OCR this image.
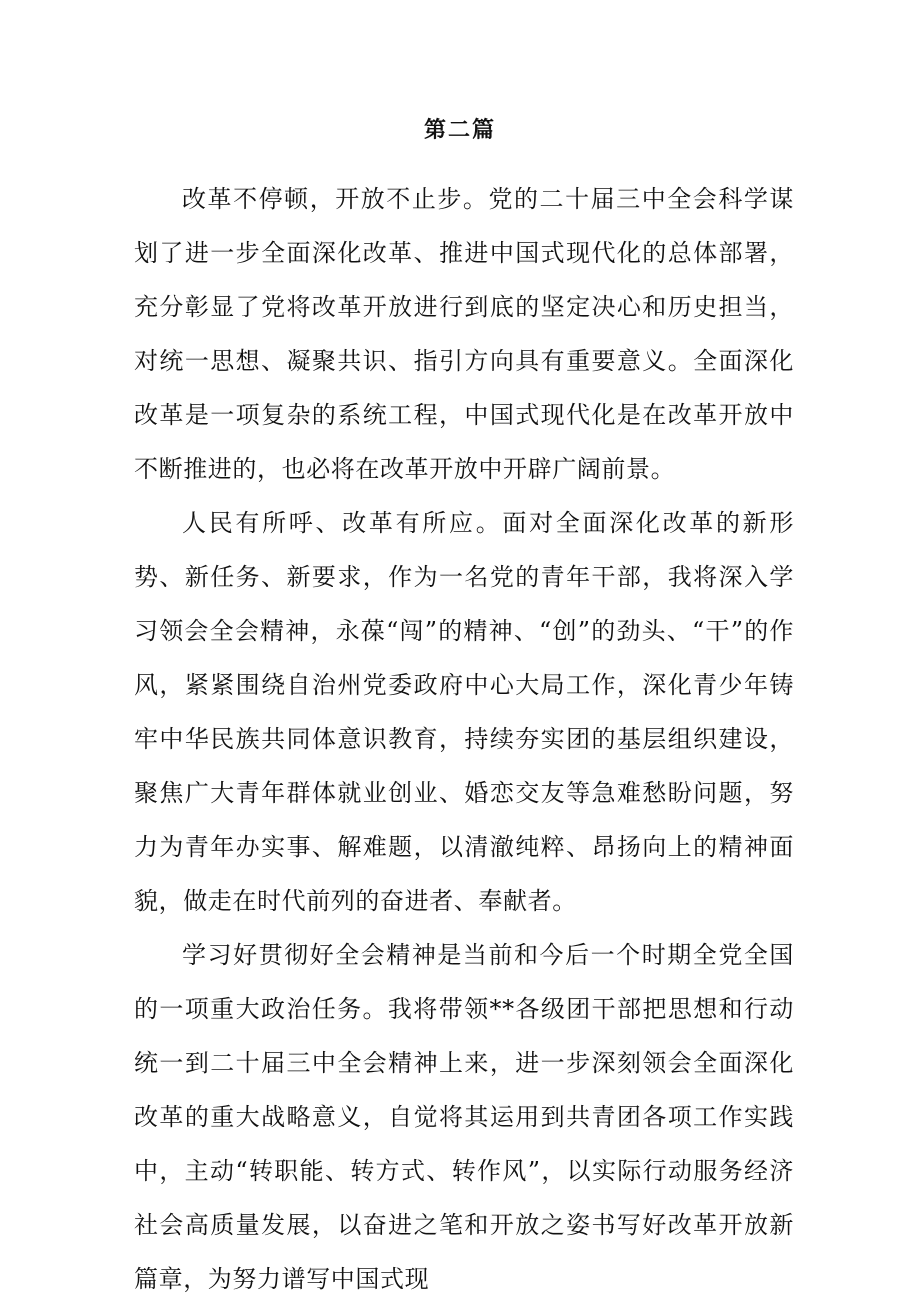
第二篇

改革不停顿，开放不止步。党的二十届三中全会科学谋划了进一步全面深化改革、推进中国式现代化的总体部署，充分彰显了党将改革开放进行到底的坚定决心和历史担当，对统一思想、凝聚共识、指引方向具有重要意义。全面深化改革是一项复杂的系统工程，中国式现代化是在改革开放中不断推进的，也必将在改革开放中开辟广阔前景。

人民有所呼、改革有所应。面对全面深化改革的新形势、新任务、新要求，作为一名党的青年干部，我将深入学习领会全会精神，永葆“闯”的精神、“创”的劲头、“干”的作风，紧紧围绕自治州党委政府中心大局工作，深化青少年铸牢中华民族共同体意识教育，持续夯实团的基层组织建设，聚焦广大青年群体就业创业、婚恋交友等急难愁盼问题，努力为青年办实事、解难题，以清澈纯粹、昂扬向上的精神面貌，做走在时代前列的奋进者、奉献者。

学习好贯彻好全会精神是当前和今后一个时期全党全国的一项重大政治任务。我将带领**各级团干部把思想和行动统一到二十届三中全会精神上来，进一步深刻领会全面深化改革的重大战略意义，自觉将其运用到共青团各项工作实践中，主动“转职能、转方式、转作风”，以实际行动服务经济社会高质量发展，以奋进之笔和开放之姿书写好改革开放新篇章，为努力谱写中国式现
